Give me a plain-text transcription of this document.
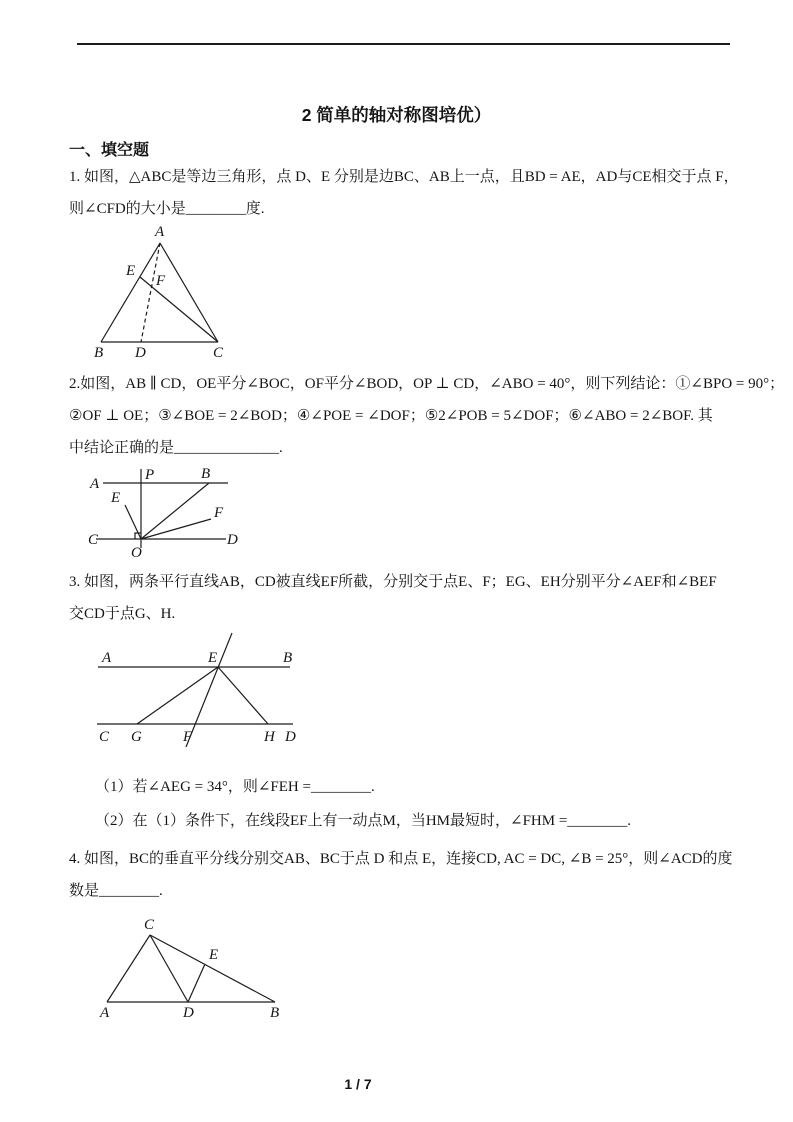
2 简单的轴对称图培优）
一、填空题

1. 如图，△ABC是等边三角形，点 D、E 分别是边BC、AB上一点，且BD = AE，AD与CE相交于点 F，
则∠CFD的大小是________度.

A
B	C
D
E
F

2.如图，AB ∥ CD，OE平分∠BOC，OF平分∠BOD，OP ⊥ CD，∠ABO = 40°，则下列结论：①∠BPO = 90°；
②OF ⊥ OE；③∠BOE = 2∠BOD；④∠POE = ∠DOF；⑤2∠POB = 5∠DOF；⑥∠ABO = 2∠BOF. 其
中结论正确的是______________.

A
P	B
E
F
C
O
D

3. 如图，两条平行直线AB，CD被直线EF所截，分别交于点E、F；EG、EH分别平分∠AEF和∠BEF
交CD于点G、H.

A	E	B
C G	F	H D

（1）若∠AEG = 34°，则∠FEH =________.

（2）在（1）条件下，在线段EF上有一动点M，当HM最短时，∠FHM =________.

4. 如图，BC的垂直平分线分别交AB、BC于点 D 和点 E，连接CD, AC = DC, ∠B = 25°，则∠ACD的度
数是________.

C
E
A	D	B
1 / 7
